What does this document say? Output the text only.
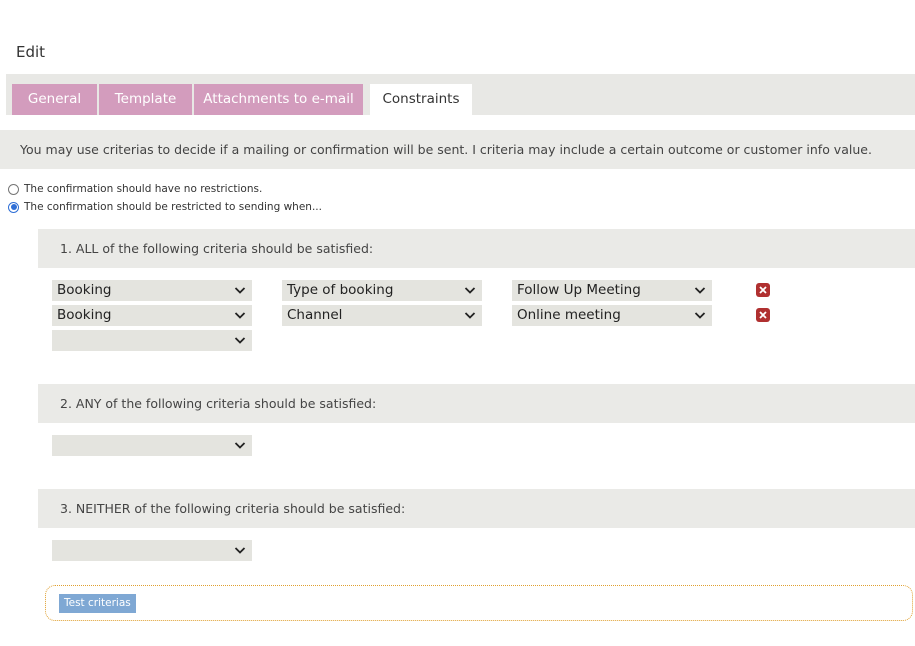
Edit
General	Template	Attachments to e-mail	Constraints
You may use criterias to decide if a mailing or confirmation will be sent. I criteria may include a certain outcome or customer info value.
The confirmation should have no restrictions.
The confirmation should be restricted to sending when...
1. ALL of the following criteria should be satisfied:
Booking	Type of booking	Follow Up Meeting
Booking	Channel	Online meeting
2. ANY of the following criteria should be satisfied:
3. NEITHER of the following criteria should be satisfied:
Test criterias
